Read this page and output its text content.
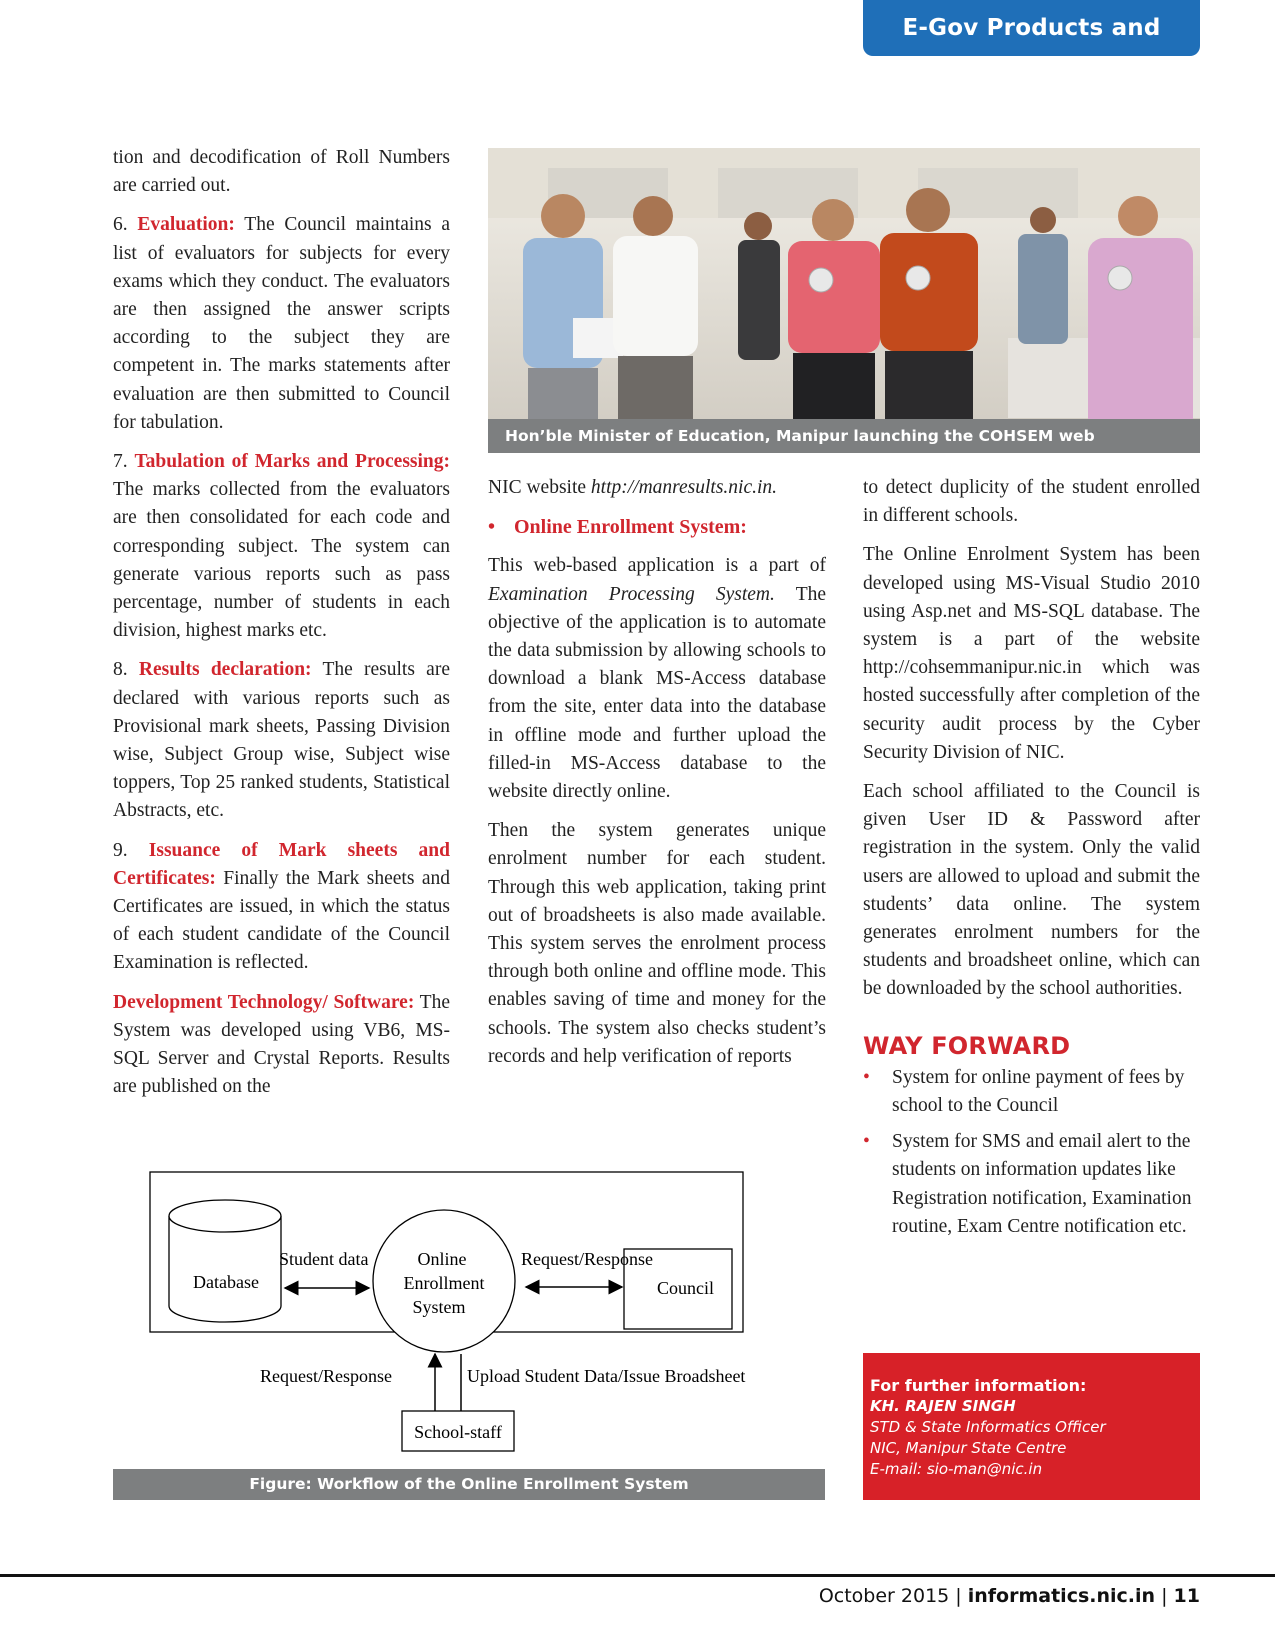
E-Gov Products and Services

tion and decodification of Roll Numbers are carried out.

6. Evaluation: The Council maintains a list of evaluators for subjects for every exams which they conduct. The evaluators are then assigned the answer scripts according to the subject they are competent in. The marks statements after evaluation are then submitted to Council for tabulation.

7. Tabulation of Marks and Processing: The marks collected from the evaluators are then consolidated for each code and corresponding subject. The system can generate various reports such as pass percentage, number of students in each division, highest marks etc.

8. Results declaration: The results are declared with various reports such as Provisional mark sheets, Passing Division wise, Subject Group wise, Subject wise toppers, Top 25 ranked students, Statistical Abstracts, etc.

9. Issuance of Mark sheets and Certificates: Finally the Mark sheets and Certificates are issued, in which the status of each student candidate of the Council Examination is reflected.

Development Technology/ Software: The System was developed using VB6, MS-SQL Server and Crystal Reports. Results are published on the

Hon’ble Minister of Education, Manipur launching the COHSEM web

NIC website http://manresults.nic.in.

• Online Enrollment System:

This web-based application is a part of Examination Processing System. The objective of the application is to automate the data submission by allowing schools to download a blank MS-Access database from the site, enter data into the database in offline mode and further upload the filled-in MS-Access database to the website directly online.

Then the system generates unique enrolment number for each student. Through this web application, taking print out of broadsheets is also made available. This system serves the enrolment process through both online and offline mode. This enables saving of time and money for the schools. The system also checks student’s records and help verification of reports

to detect duplicity of the student enrolled in different schools.

The Online Enrolment System has been developed using MS-Visual Studio 2010 using Asp.net and MS-SQL database. The system is a part of the website http://cohsemmanipur.nic.in which was hosted successfully after completion of the security audit process by the Cyber Security Division of NIC.

Each school affiliated to the Council is given User ID & Password after registration in the system. Only the valid users are allowed to upload and submit the students’ data online. The system generates enrolment numbers for the students and broadsheet online, which can be downloaded by the school authorities.

WAY FORWARD
• System for online payment of fees by school to the Council
• System for SMS and email alert to the students on information updates like Registration notification, Examination routine, Exam Centre notification etc.
For further information:
KH. RAJEN SINGH
STD & State Informatics Officer
NIC, Manipur State Centre
E-mail: sio-man@nic.in
Database
Online
Enrollment
System
Student data
Council
Request/Response
Request/Response	Upload Student Data/Issue Broadsheet
School-staff
Figure: Workflow of the Online Enrollment System
October 2015 | informatics.nic.in | 11
